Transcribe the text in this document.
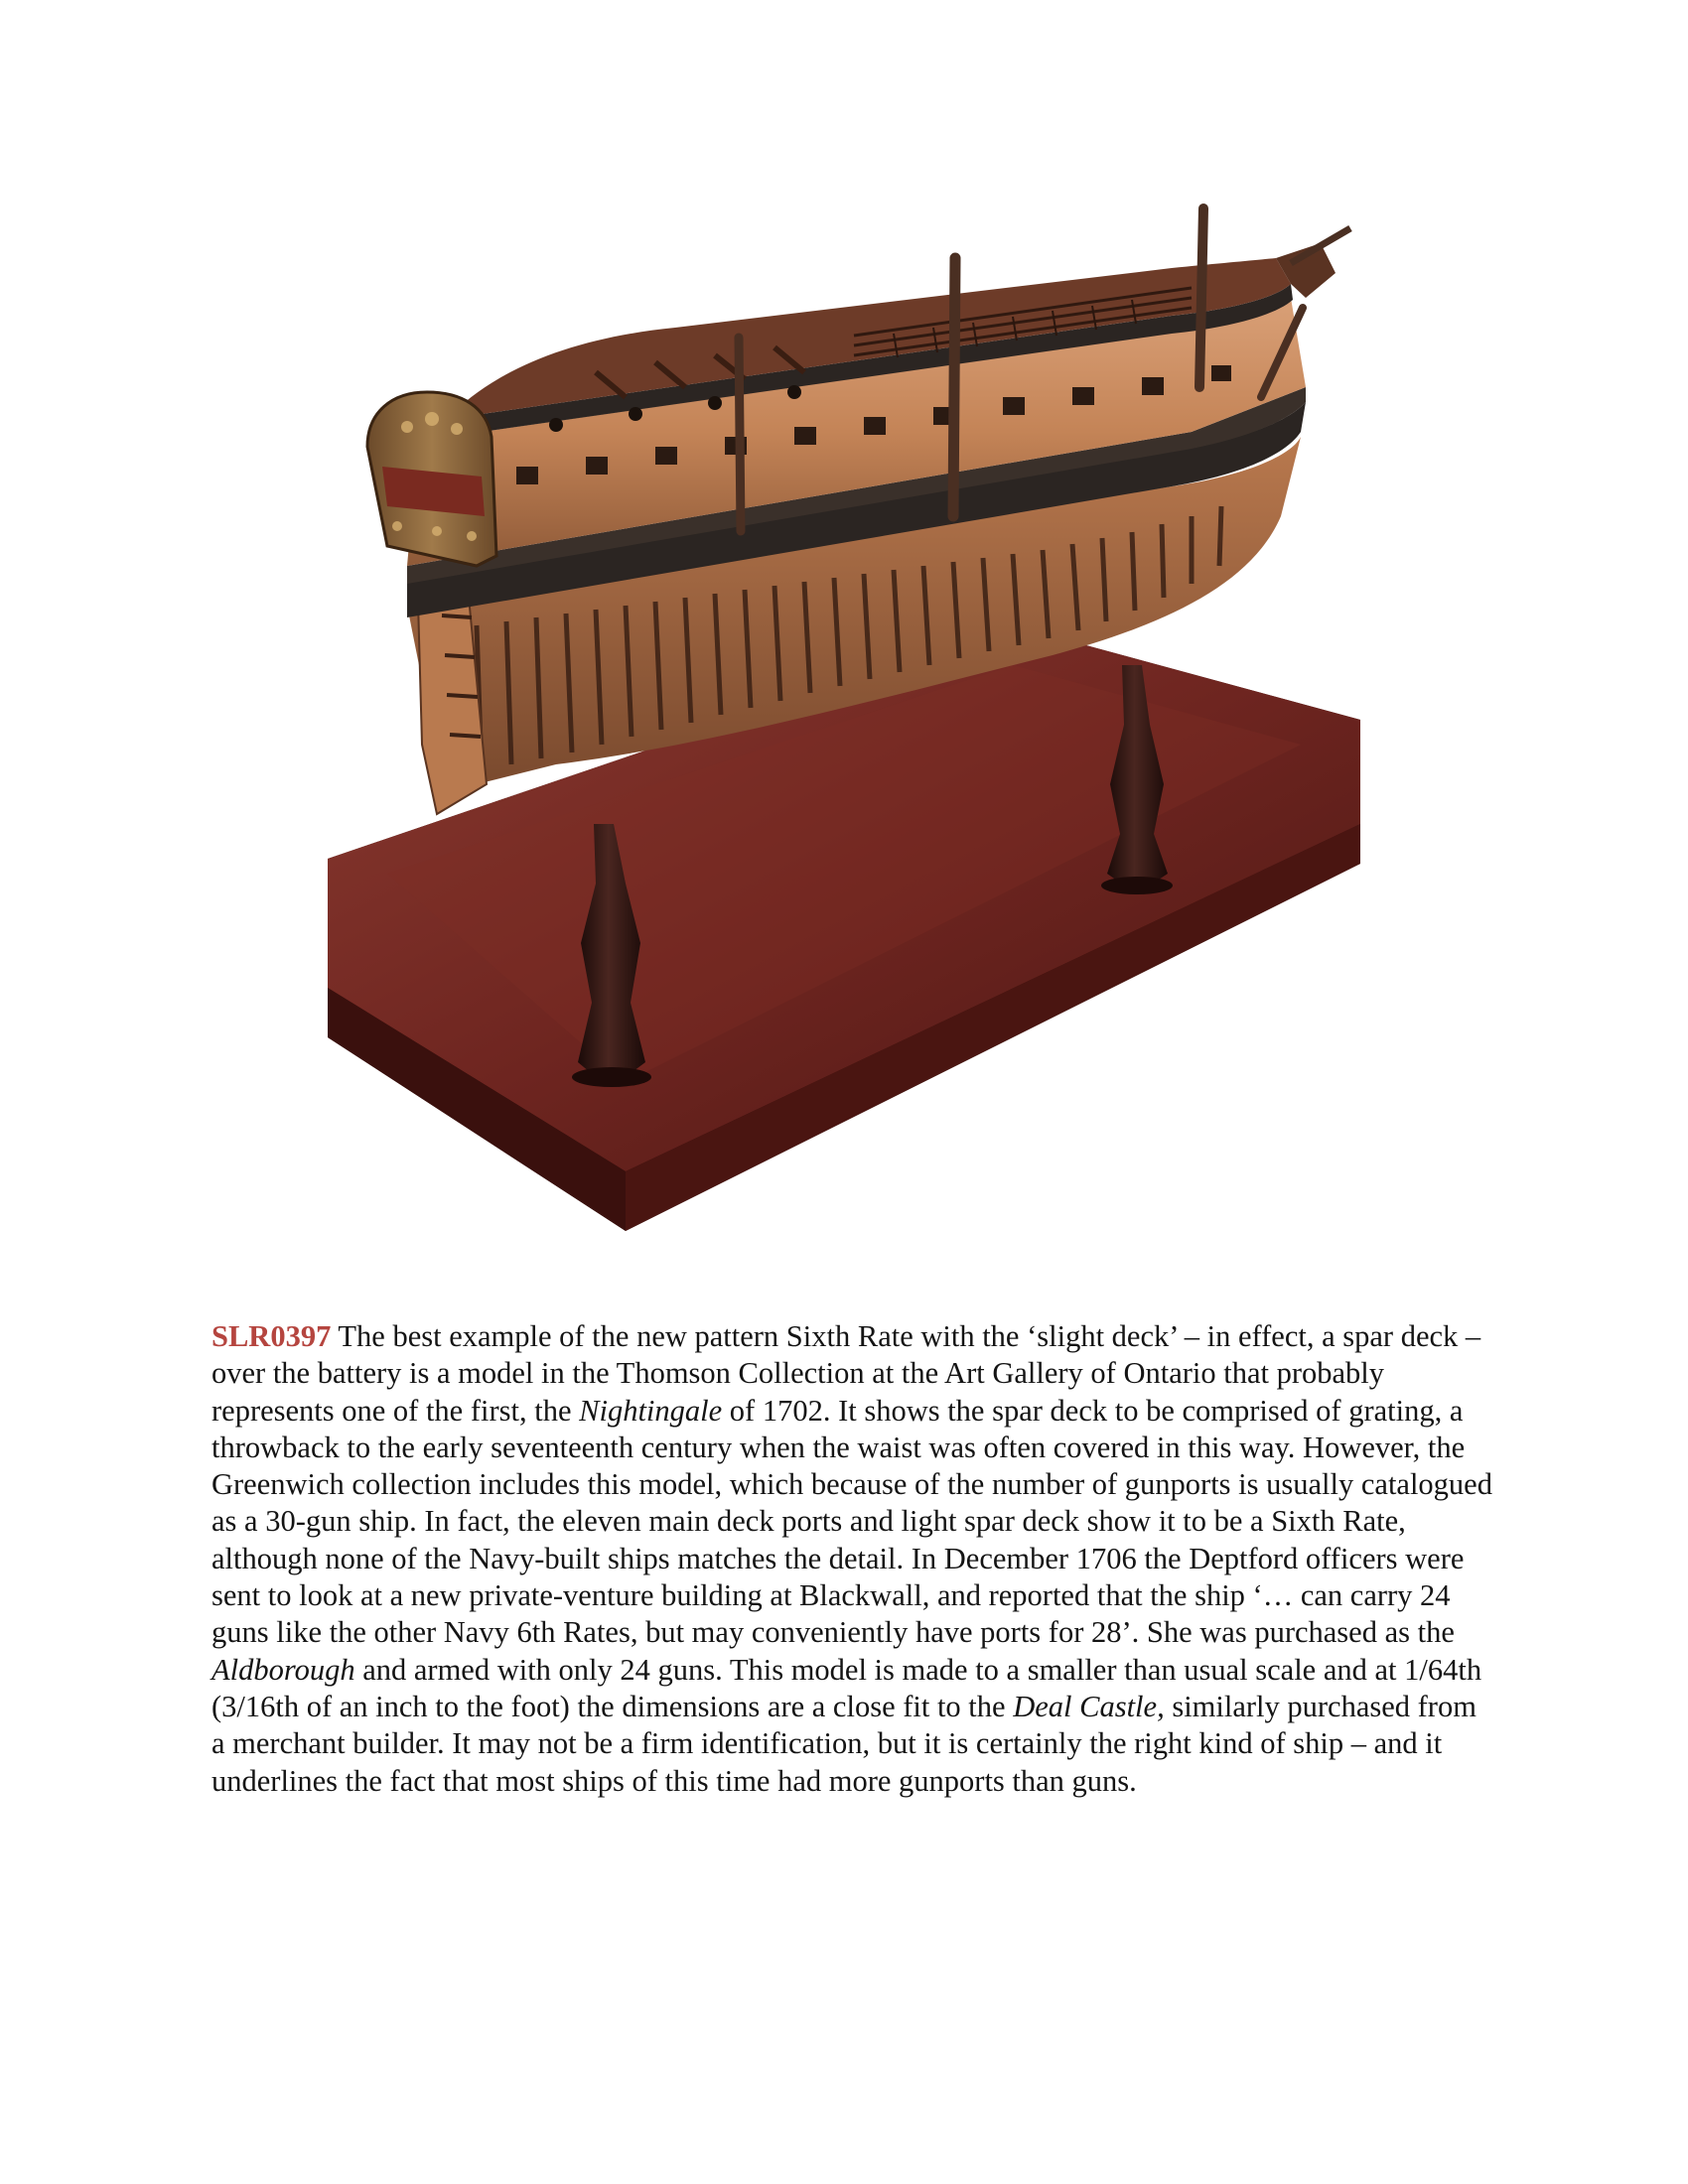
SLR0397 The best example of the new pattern Sixth Rate with the ‘slight deck’ – in effect, a spar deck – over the battery is a model in the Thomson Collection at the Art Gallery of Ontario that probably represents one of the first, the Nightingale of 1702. It shows the spar deck to be comprised of grating, a throwback to the early seventeenth century when the waist was often covered in this way. However, the Greenwich collection includes this model, which because of the number of gunports is usually catalogued as a 30-gun ship. In fact, the eleven main deck ports and light spar deck show it to be a Sixth Rate, although none of the Navy-built ships matches the detail. In December 1706 the Deptford officers were sent to look at a new private-venture building at Blackwall, and reported that the ship ‘… can carry 24 guns like the other Navy 6th Rates, but may conveniently have ports for 28’. She was purchased as the Aldborough and armed with only 24 guns. This model is made to a smaller than usual scale and at 1/64th (3/16th of an inch to the foot) the dimensions are a close fit to the Deal Castle, similarly purchased from a merchant builder. It may not be a firm identification, but it is certainly the right kind of ship – and it underlines the fact that most ships of this time had more gunports than guns.
